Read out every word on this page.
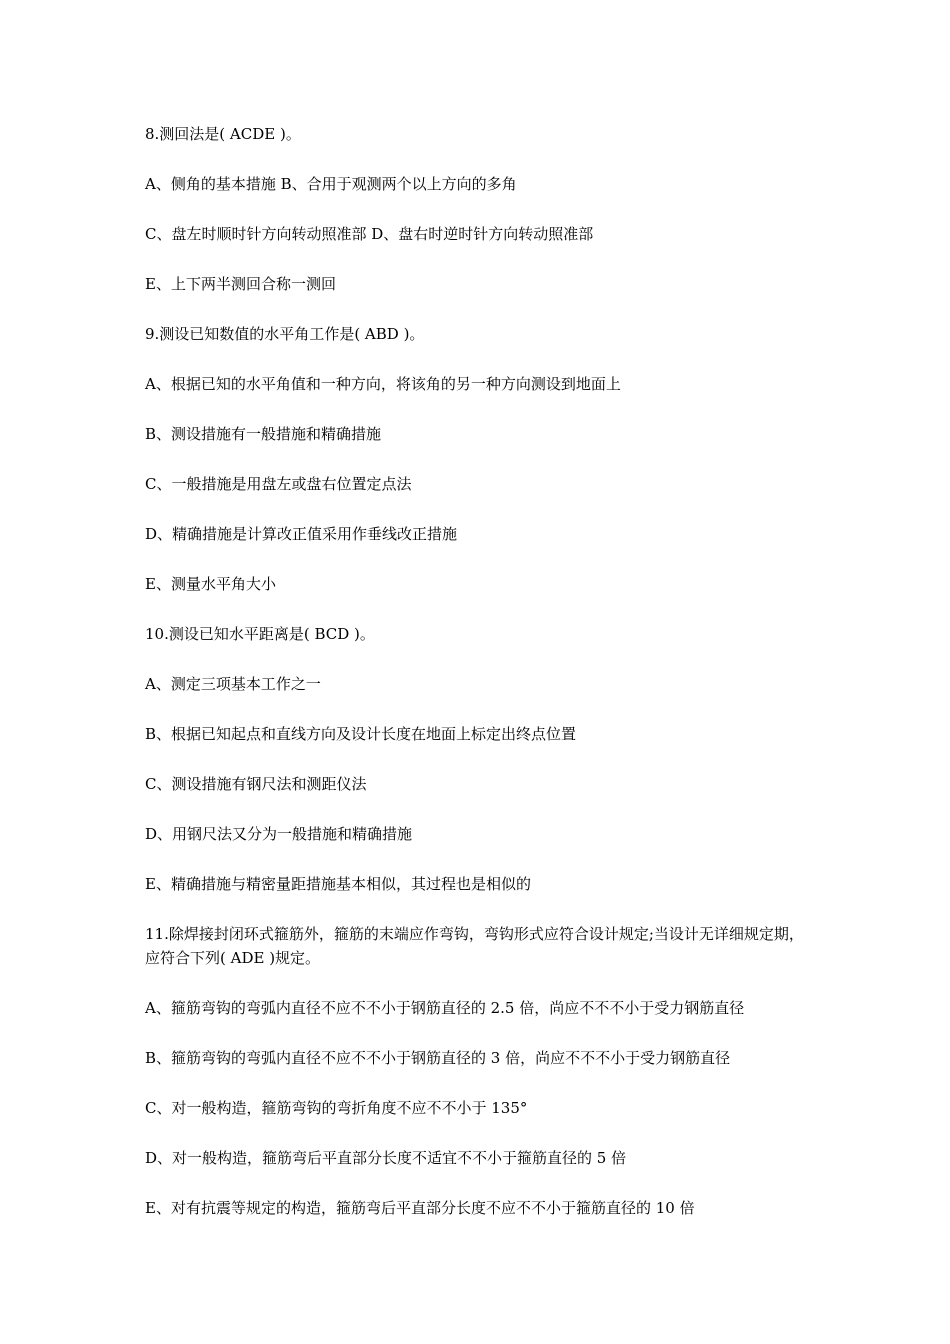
8.测回法是( ACDE )。

A、侧角的基本措施 B、合用于观测两个以上方向的多角

C、盘左时顺时针方向转动照准部 D、盘右时逆时针方向转动照准部

E、上下两半测回合称一测回

9.测设已知数值的水平角工作是( ABD )。

A、根据已知的水平角值和一种方向，将该角的另一种方向测设到地面上

B、测设措施有一般措施和精确措施

C、一般措施是用盘左或盘右位置定点法

D、精确措施是计算改正值采用作垂线改正措施

E、测量水平角大小

10.测设已知水平距离是( BCD )。

A、测定三项基本工作之一

B、根据已知起点和直线方向及设计长度在地面上标定出终点位置

C、测设措施有钢尺法和测距仪法

D、用钢尺法又分为一般措施和精确措施

E、精确措施与精密量距措施基本相似，其过程也是相似的

11.除焊接封闭环式箍筋外，箍筋的末端应作弯钩，弯钩形式应符合设计规定;当设计无详细规定期，应符合下列( ADE )规定。

A、箍筋弯钩的弯弧内直径不应不不小于钢筋直径的 2.5 倍，尚应不不不小于受力钢筋直径

B、箍筋弯钩的弯弧内直径不应不不小于钢筋直径的 3 倍，尚应不不不小于受力钢筋直径

C、对一般构造，箍筋弯钩的弯折角度不应不不小于 135°

D、对一般构造，箍筋弯后平直部分长度不适宜不不小于箍筋直径的 5 倍

E、对有抗震等规定的构造，箍筋弯后平直部分长度不应不不小于箍筋直径的 10 倍
